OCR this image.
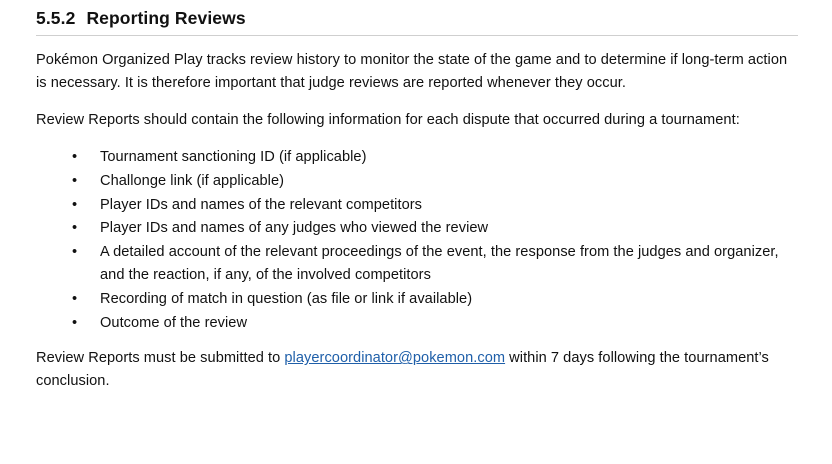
5.5.2 Reporting Reviews

Pokémon Organized Play tracks review history to monitor the state of the game and to determine if long-term action is necessary. It is therefore important that judge reviews are reported whenever they occur.

Review Reports should contain the following information for each dispute that occurred during a tournament:

• Tournament sanctioning ID (if applicable)
• Challonge link (if applicable)
• Player IDs and names of the relevant competitors
• Player IDs and names of any judges who viewed the review
• A detailed account of the relevant proceedings of the event, the response from the judges and organizer, and the reaction, if any, of the involved competitors
• Recording of match in question (as file or link if available)
• Outcome of the review

Review Reports must be submitted to playercoordinator@pokemon.com within 7 days following the tournament’s conclusion.
